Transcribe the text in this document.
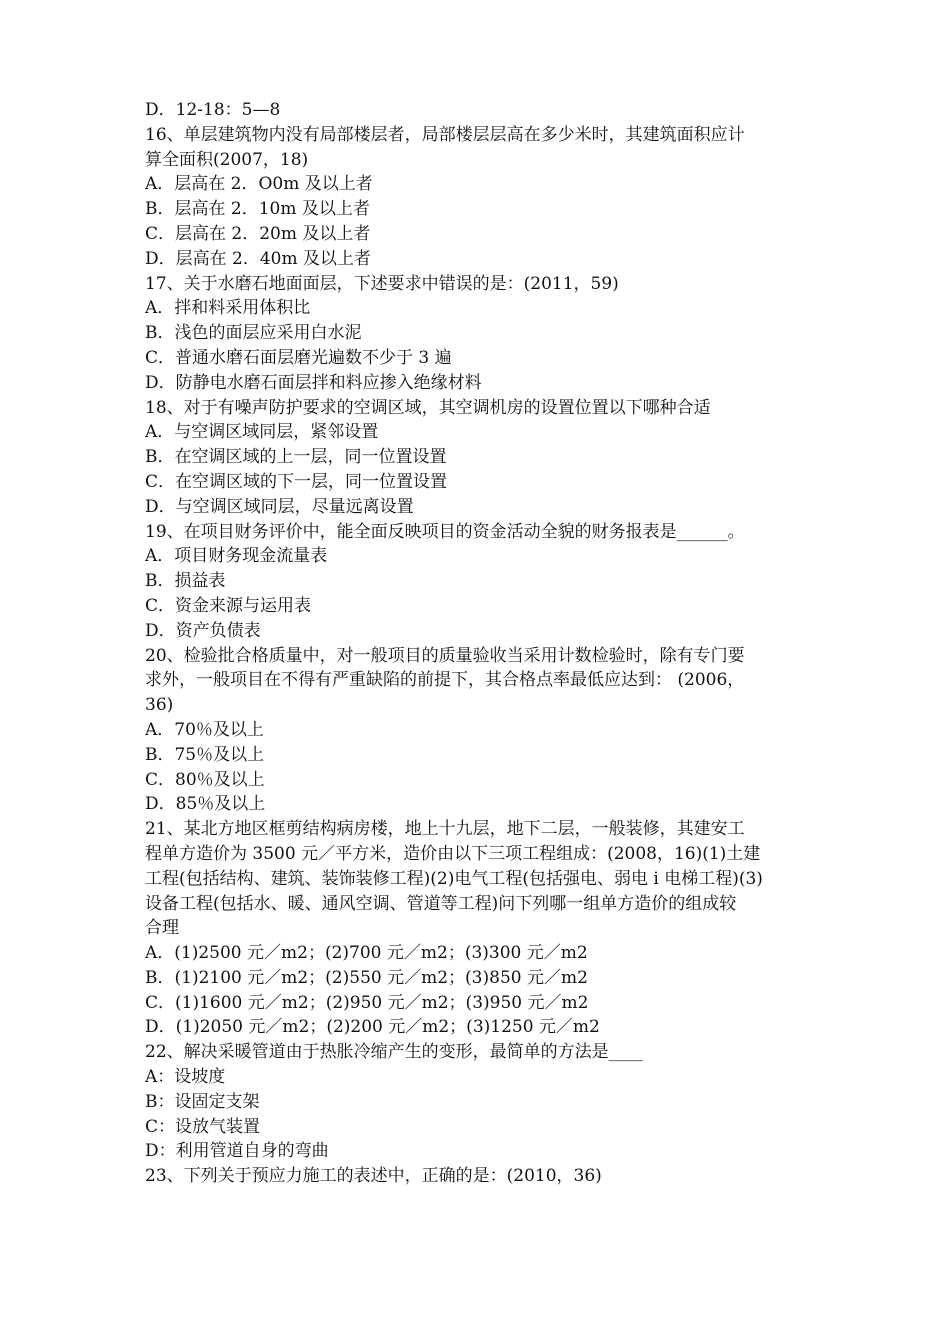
D．12-18：5—8
16、单层建筑物内没有局部楼层者，局部楼层层高在多少米时，其建筑面积应计
算全面积(2007，18)
A．层高在 2．O0m 及以上者
B．层高在 2．10m 及以上者
C．层高在 2．20m 及以上者
D．层高在 2．40m 及以上者
17、关于水磨石地面面层，下述要求中错误的是：(2011，59)
A．拌和料采用体积比
B．浅色的面层应采用白水泥
C．普通水磨石面层磨光遍数不少于 3 遍
D．防静电水磨石面层拌和料应掺入绝缘材料
18、对于有噪声防护要求的空调区域，其空调机房的设置位置以下哪种合适
A．与空调区域同层，紧邻设置
B．在空调区域的上一层，同一位置设置
C．在空调区域的下一层，同一位置设置
D．与空调区域同层，尽量远离设置
19、在项目财务评价中，能全面反映项目的资金活动全貌的财务报表是______。
A．项目财务现金流量表
B．损益表
C．资金来源与运用表
D．资产负债表
20、检验批合格质量中，对一般项目的质量验收当采用计数检验时，除有专门要
求外，一般项目在不得有严重缺陷的前提下，其合格点率最低应达到： (2006，
36)
A．70％及以上
B．75％及以上
C．80％及以上
D．85％及以上
21、某北方地区框剪结构病房楼，地上十九层，地下二层，一般装修，其建安工
程单方造价为 3500 元／平方米，造价由以下三项工程组成：(2008，16)(1)土建
工程(包括结构、建筑、装饰装修工程)(2)电气工程(包括强电、弱电 i 电梯工程)(3)
设备工程(包括水、暖、通风空调、管道等工程)问下列哪一组单方造价的组成较
合理
A．(1)2500 元／m2；(2)700 元／m2；(3)300 元／m2
B．(1)2100 元／m2；(2)550 元／m2；(3)850 元／m2
C．(1)1600 元／m2；(2)950 元／m2；(3)950 元／m2
D．(1)2050 元／m2；(2)200 元／m2；(3)1250 元／m2
22、解决采暖管道由于热胀冷缩产生的变形，最简单的方法是____
A：设坡度
B：设固定支架
C：设放气装置
D：利用管道自身的弯曲
23、下列关于预应力施工的表述中，正确的是：(2010，36)
